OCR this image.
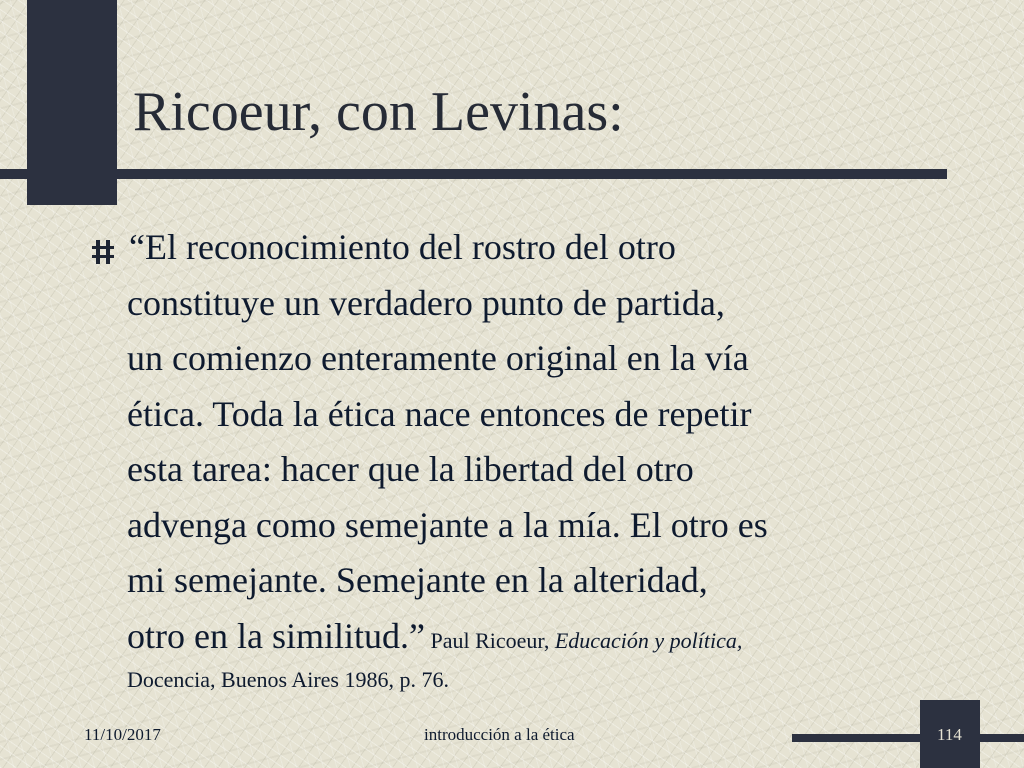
Ricoeur, con Levinas:
“El reconocimiento del rostro del otro
constituye un verdadero punto de partida,
un comienzo enteramente original en la vía
ética. Toda la ética nace entonces de repetir
esta tarea: hacer que la libertad del otro
advenga como semejante a la mía. El otro es
mi semejante. Semejante en la alteridad,
otro en la similitud.” Paul Ricoeur, Educación y política,
Docencia, Buenos Aires 1986, p. 76.
11/10/2017	introducción a la ética	114
